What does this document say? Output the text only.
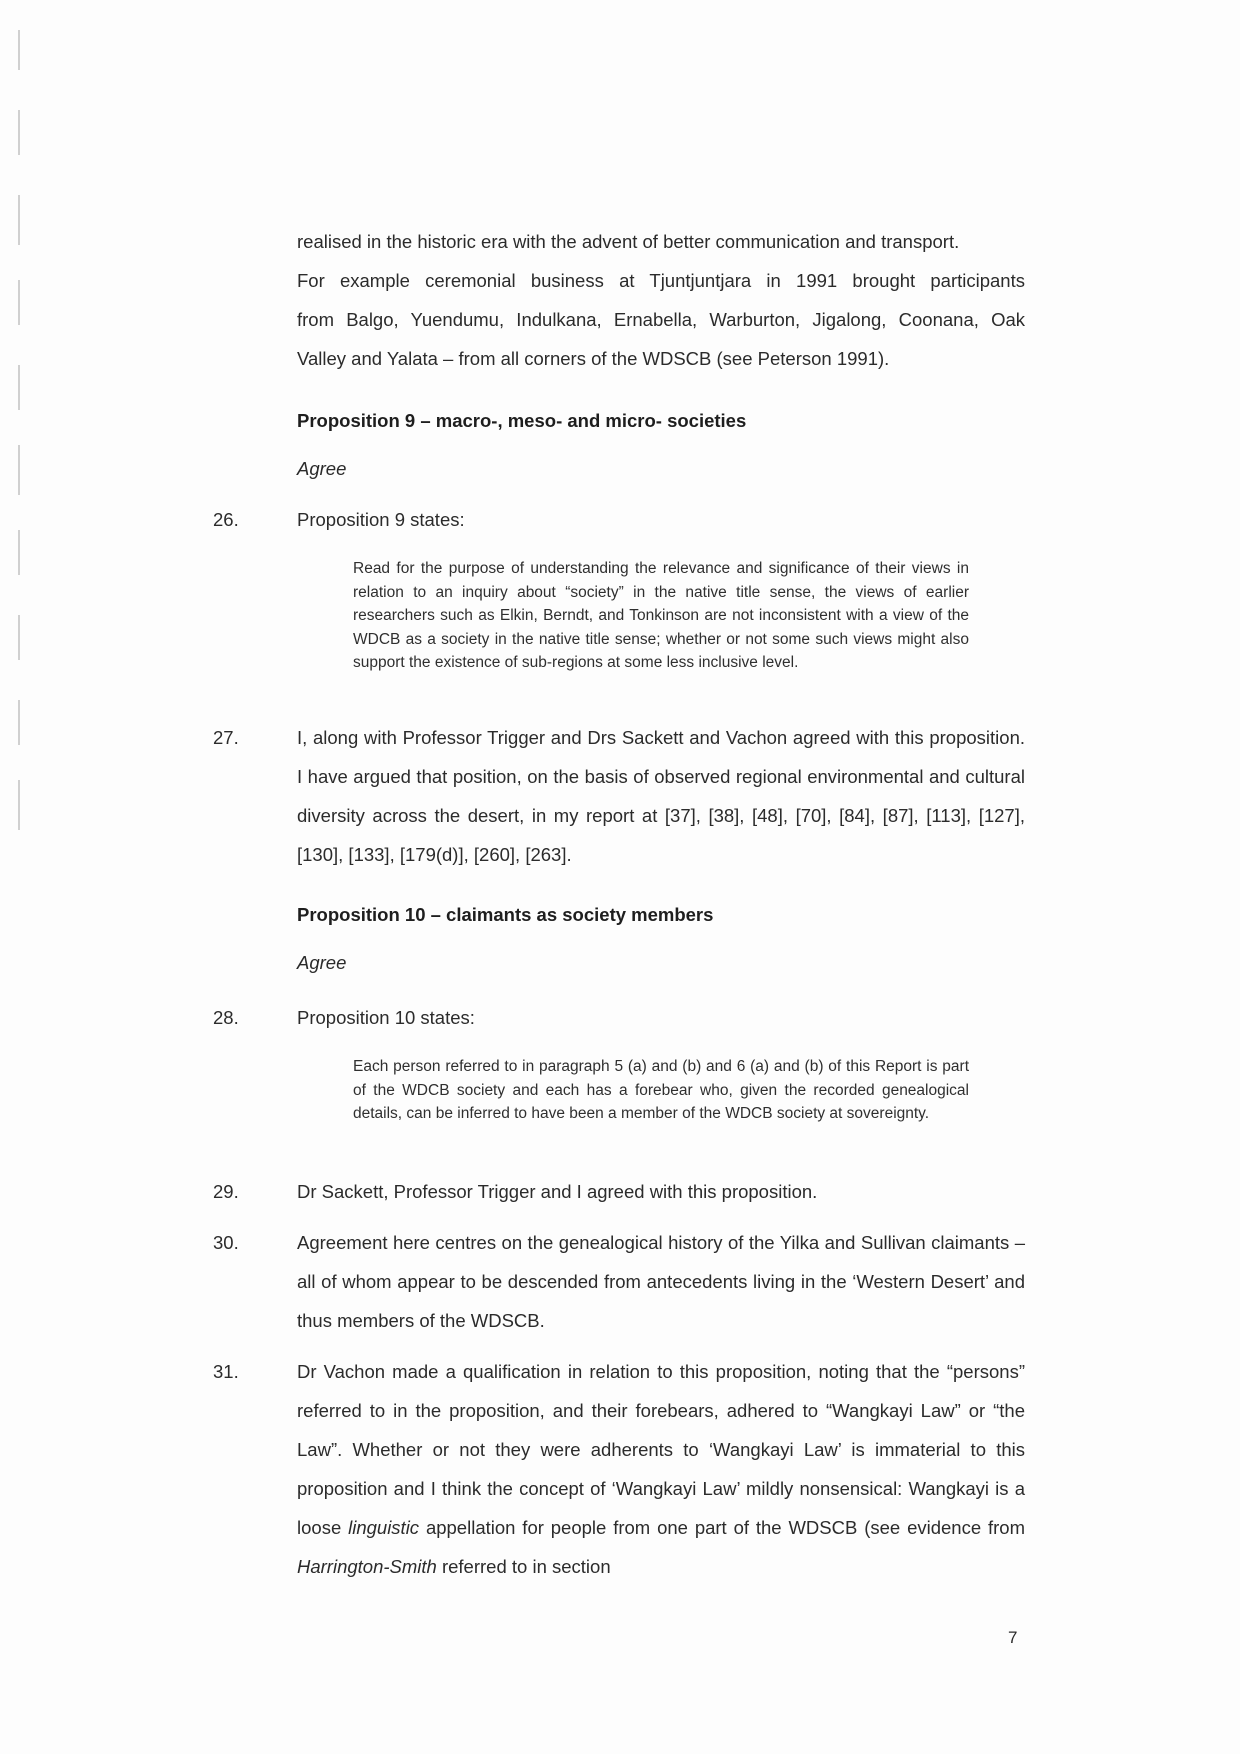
realised in the historic era with the advent of better communication and transport.

For example ceremonial business at Tjuntjuntjara in 1991 brought participants

from Balgo, Yuendumu, Indulkana, Ernabella, Warburton, Jigalong, Coonana, Oak

Valley and Yalata – from all corners of the WDSCB (see Peterson 1991).

Proposition 9 – macro-, meso- and micro- societies
Agree
26.	Proposition 9 states:

Read for the purpose of understanding the relevance and significance of their views in relation to an inquiry about “society” in the native title sense, the views of earlier researchers such as Elkin, Berndt, and Tonkinson are not inconsistent with a view of the WDCB as a society in the native title sense; whether or not some such views might also support the existence of sub-regions at some less inclusive level.

27.	I, along with Professor Trigger and Drs Sackett and Vachon agreed with this proposition. I have argued that position, on the basis of observed regional environmental and cultural diversity across the desert, in my report at [37], [38], [48], [70], [84], [87], [113], [127], [130], [133], [179(d)], [260], [263].

Proposition 10 – claimants as society members
Agree
28.	Proposition 10 states:

Each person referred to in paragraph 5 (a) and (b) and 6 (a) and (b) of this Report is part of the WDCB society and each has a forebear who, given the recorded genealogical details, can be inferred to have been a member of the WDCB society at sovereignty.

29.	Dr Sackett, Professor Trigger and I agreed with this proposition.

30.	Agreement here centres on the genealogical history of the Yilka and Sullivan claimants – all of whom appear to be descended from antecedents living in the ‘Western Desert’ and thus members of the WDSCB.

31.	Dr Vachon made a qualification in relation to this proposition, noting that the “persons” referred to in the proposition, and their forebears, adhered to “Wangkayi Law” or “the Law”. Whether or not they were adherents to ‘Wangkayi Law’ is immaterial to this proposition and I think the concept of ‘Wangkayi Law’ mildly nonsensical: Wangkayi is a loose linguistic appellation for people from one part of the WDSCB (see evidence from Harrington-Smith referred to in section

7
